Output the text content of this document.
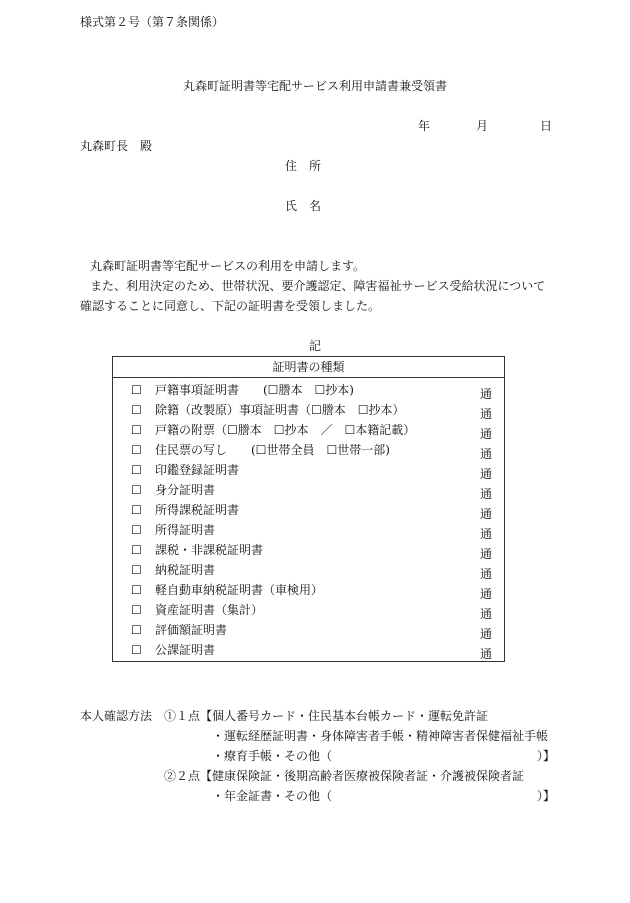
様式第２号（第７条関係）
丸森町証明書等宅配サービス利用申請書兼受領書
年	月	日
丸森町長　殿
住　所
氏　名
丸森町証明書等宅配サービスの利用を申請します。
また、利用決定のため、世帯状況、要介護認定、障害福祉サービス受給状況について
確認することに同意し、下記の証明書を受領しました。
記
証明書の種類
☐ 戸籍事項証明書　　(☐謄本　☐抄本)	通
☐ 除籍（改製原）事項証明書（☐謄本　☐抄本）	通
☐ 戸籍の附票（☐謄本　☐抄本　／　☐本籍記載）	通
☐ 住民票の写し　　(☐世帯全員　☐世帯一部)	通
☐ 印鑑登録証明書	通
☐ 身分証明書	通
☐ 所得課税証明書	通
☐ 所得証明書	通
☐ 課税・非課税証明書	通
☐ 納税証明書	通
☐ 軽自動車納税証明書（車検用）	通
☐ 資産証明書（集計）	通
☐ 評価額証明書	通
☐ 公課証明書	通
本人確認方法 ①１点【個人番号カード・住民基本台帳カード・運転免許証
・運転経歴証明書・身体障害者手帳・精神障害者保健福祉手帳
・療育手帳・その他（	）】
②２点【健康保険証・後期高齢者医療被保険者証・介護被保険者証
・年金証書・その他（	）】
